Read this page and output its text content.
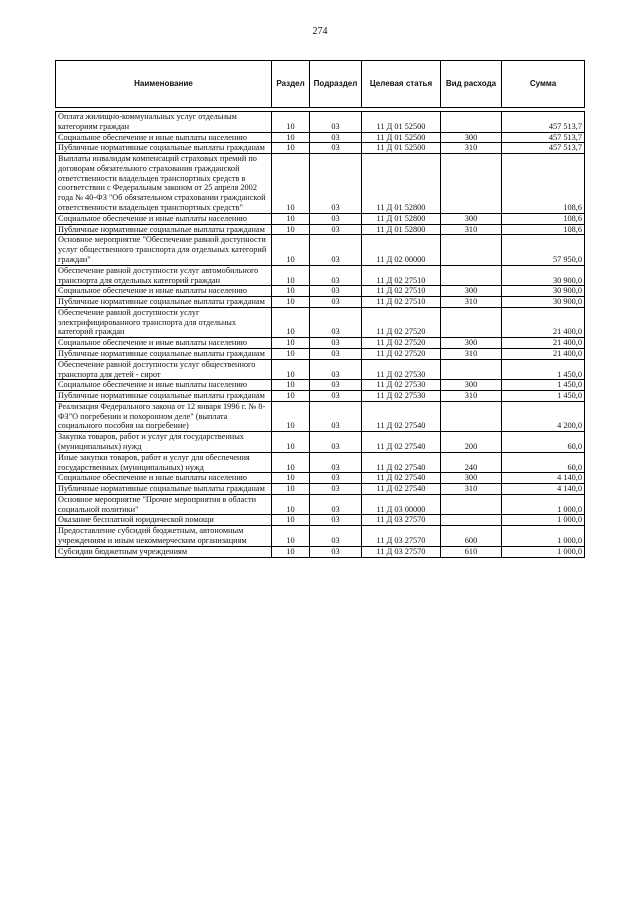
274
Наименование	Раздел	Подраздел	Целевая статья	Вид расхода	Сумма

Оплата жилищно-коммунальных услуг отдельным категориям граждан	10	03	11 Д 01 52500		457 513,7
Социальное обеспечение и иные выплаты населению	10	03	11 Д 01 52500	300	457 513,7
Публичные нормативные социальные выплаты гражданам	10	03	11 Д 01 52500	310	457 513,7
Выплаты инвалидам компенсаций страховых премий по договорам обязательного страхования гражданской ответственности владельцев транспортных средств в соответствии с Федеральным законом от 25 апреля 2002 года № 40-ФЗ "Об обязательном страховании гражданской ответственности владельцев транспортных средств"	10	03	11 Д 01 52800		108,6
Социальное обеспечение и иные выплаты населению	10	03	11 Д 01 52800	300	108,6
Публичные нормативные социальные выплаты гражданам	10	03	11 Д 01 52800	310	108,6
Основное мероприятие "Обеспечение равной доступности услуг общественного транспорта для отдельных категорий граждан"	10	03	11 Д 02 00000		57 950,0
Обеспечение равной доступности услуг автомобильного транспорта для отдельных категорий граждан	10	03	11 Д 02 27510		30 900,0
Социальное обеспечение и иные выплаты населению	10	03	11 Д 02 27510	300	30 900,0
Публичные нормативные социальные выплаты гражданам	10	03	11 Д 02 27510	310	30 900,0
Обеспечение равной доступности услуг электрифицированного транспорта для отдельных категорий граждан	10	03	11 Д 02 27520		21 400,0
Социальное обеспечение и иные выплаты населению	10	03	11 Д 02 27520	300	21 400,0
Публичные нормативные социальные выплаты гражданам	10	03	11 Д 02 27520	310	21 400,0
Обеспечение равной доступности услуг общественного транспорта для детей - сирот	10	03	11 Д 02 27530		1 450,0
Социальное обеспечение и иные выплаты населению	10	03	11 Д 02 27530	300	1 450,0
Публичные нормативные социальные выплаты гражданам	10	03	11 Д 02 27530	310	1 450,0
Реализация Федерального закона от 12 января 1996 г. № 8-ФЗ"О погребении и похоронном деле" (выплата социального пособия на погребение)	10	03	11 Д 02 27540		4 200,0
Закупка товаров, работ и услуг для государственных (муниципальных) нужд	10	03	11 Д 02 27540	200	60,0
Иные закупки товаров, работ и услуг для обеспечения государственных (муниципальных) нужд	10	03	11 Д 02 27540	240	60,0
Социальное обеспечение и иные выплаты населению	10	03	11 Д 02 27540	300	4 140,0
Публичные нормативные социальные выплаты гражданам	10	03	11 Д 02 27540	310	4 140,0
Основное мероприятие "Прочие мероприятия в области социальной политики"	10	03	11 Д 03 00000		1 000,0
Оказание бесплатной юридической помощи	10	03	11 Д 03 27570		1 000,0
Предоставление субсидий бюджетным, автономным учреждениям и иным некоммерческим организациям	10	03	11 Д 03 27570	600	1 000,0
Субсидии бюджетным учреждениям	10	03	11 Д 03 27570	610	1 000,0
